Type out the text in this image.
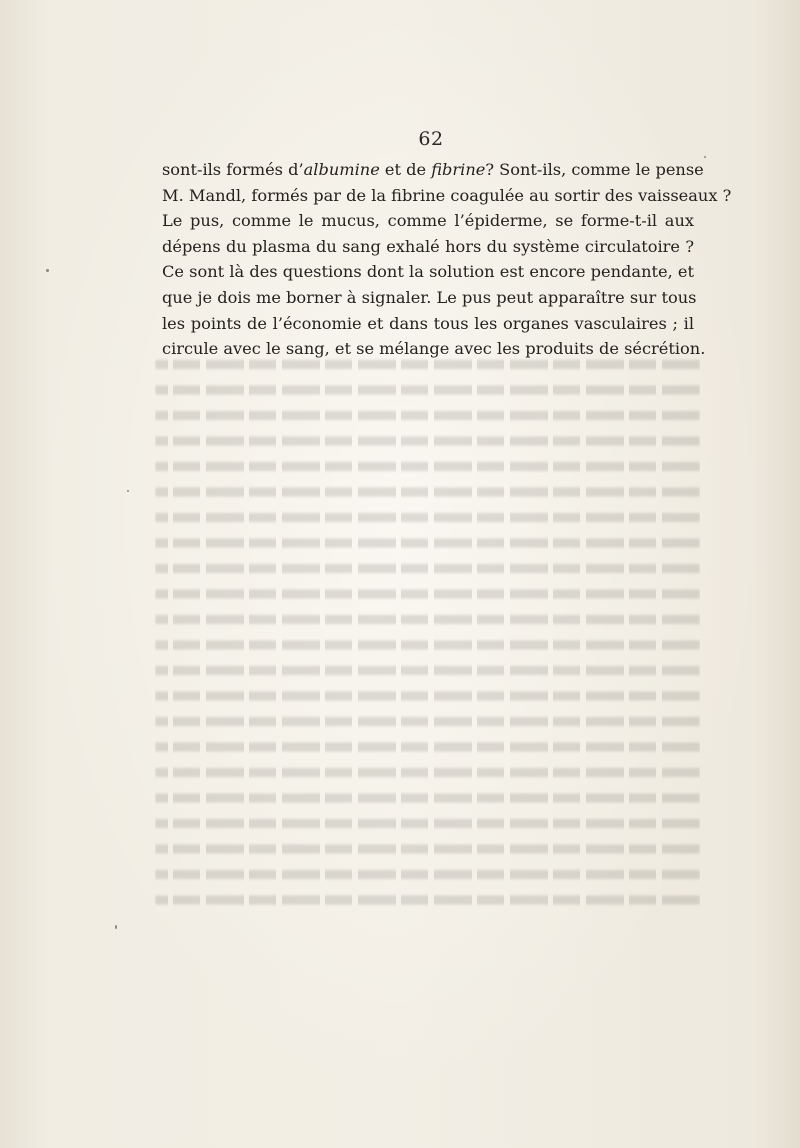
62
sont-ils formés d’albumine et de fibrine? Sont-ils, comme le pense
M. Mandl, formés par de la fibrine coagulée au sortir des vaisseaux ?
Le pus, comme le mucus, comme l’épiderme, se forme-t-il aux
dépens du plasma du sang exhalé hors du système circulatoire ?
Ce sont là des questions dont la solution est encore pendante, et
que je dois me borner à signaler. Le pus peut apparaître sur tous
les points de l’économie et dans tous les organes vasculaires ; il
circule avec le sang, et se mélange avec les produits de sécrétion.
